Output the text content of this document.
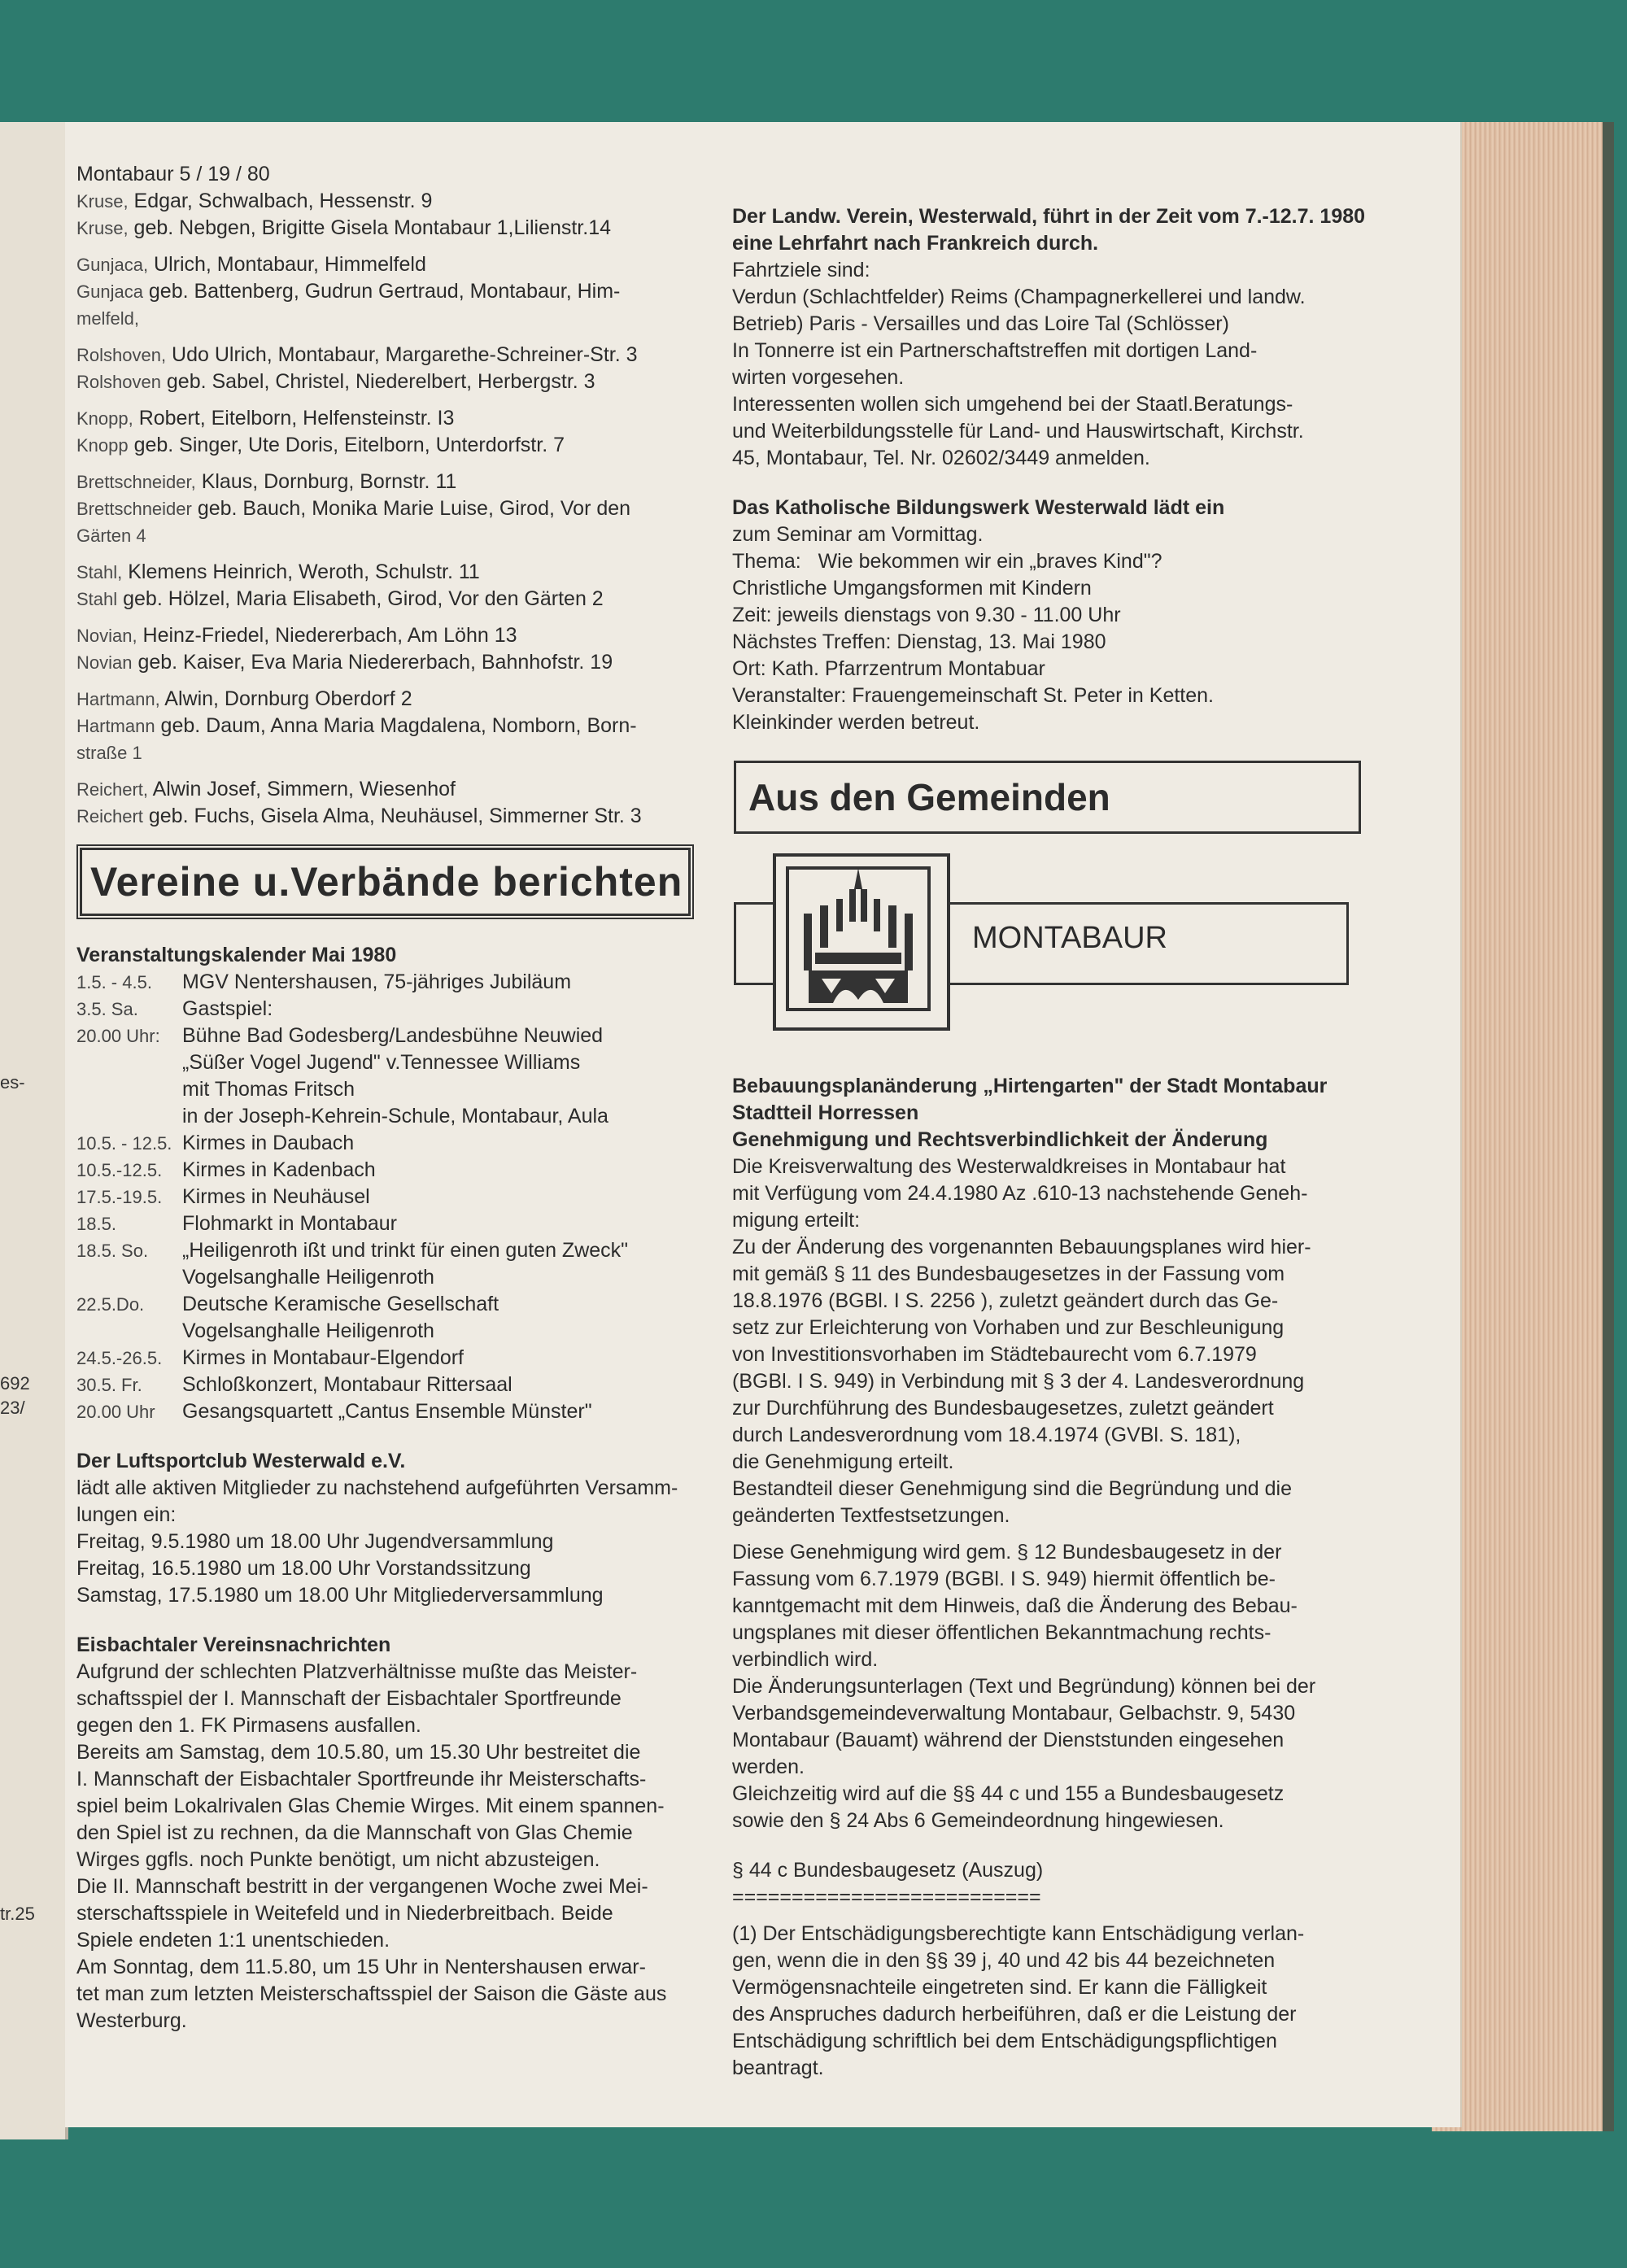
es-
692
23/
tr.25
Montabaur 5 / 19 / 80
Kruse, Edgar, Schwalbach, Hessenstr. 9
Kruse, geb. Nebgen, Brigitte Gisela Montabaur 1,Lilienstr.14
Gunjaca, Ulrich, Montabaur, Himmelfeld
Gunjaca geb. Battenberg, Gudrun Gertraud, Montabaur, Him-
melfeld,
Rolshoven, Udo Ulrich, Montabaur, Margarethe-Schreiner-Str. 3
Rolshoven geb. Sabel, Christel, Niederelbert, Herbergstr. 3
Knopp, Robert, Eitelborn, Helfensteinstr. I3
Knopp geb. Singer, Ute Doris, Eitelborn, Unterdorfstr. 7
Brettschneider, Klaus, Dornburg, Bornstr. 11
Brettschneider geb. Bauch, Monika Marie Luise, Girod, Vor den
Gärten 4
Stahl, Klemens Heinrich, Weroth, Schulstr. 11
Stahl geb. Hölzel, Maria Elisabeth, Girod, Vor den Gärten 2
Novian, Heinz-Friedel, Niedererbach, Am Löhn 13
Novian geb. Kaiser, Eva Maria Niedererbach, Bahnhofstr. 19
Hartmann, Alwin, Dornburg Oberdorf 2
Hartmann geb. Daum, Anna Maria Magdalena, Nomborn, Born-
straße 1
Reichert, Alwin Josef, Simmern, Wiesenhof
Reichert geb. Fuchs, Gisela Alma, Neuhäusel, Simmerner Str. 3
Vereine u.Verbände berichten
Veranstaltungskalender Mai 1980
1.5. - 4.5.	MGV Nentershausen, 75-jähriges Jubiläum
3.5. Sa.	Gastspiel:
20.00 Uhr:	Bühne Bad Godesberg/Landesbühne Neuwied
„Süßer Vogel Jugend" v.Tennessee Williams
mit Thomas Fritsch
in der Joseph-Kehrein-Schule, Montabaur, Aula
10.5. - 12.5. Kirmes in Daubach
10.5.-12.5. Kirmes in Kadenbach
17.5.-19.5. Kirmes in Neuhäusel
18.5.	Flohmarkt in Montabaur
18.5. So.	„Heiligenroth ißt und trinkt für einen guten Zweck"
Vogelsanghalle Heiligenroth
22.5.Do.	Deutsche Keramische Gesellschaft
Vogelsanghalle Heiligenroth
24.5.-26.5. Kirmes in Montabaur-Elgendorf
30.5. Fr.	Schloßkonzert, Montabaur Rittersaal
20.00 Uhr	Gesangsquartett „Cantus Ensemble Münster"
Der Luftsportclub Westerwald e.V.
lädt alle aktiven Mitglieder zu nachstehend aufgeführten Versamm-
lungen ein:
Freitag, 9.5.1980 um 18.00 Uhr Jugendversammlung
Freitag, 16.5.1980 um 18.00 Uhr Vorstandssitzung
Samstag, 17.5.1980 um 18.00 Uhr Mitgliederversammlung
Eisbachtaler Vereinsnachrichten
Aufgrund der schlechten Platzverhältnisse mußte das Meister-
schaftsspiel der I. Mannschaft der Eisbachtaler Sportfreunde
gegen den 1. FK Pirmasens ausfallen.
Bereits am Samstag, dem 10.5.80, um 15.30 Uhr bestreitet die
I. Mannschaft der Eisbachtaler Sportfreunde ihr Meisterschafts-
spiel beim Lokalrivalen Glas Chemie Wirges. Mit einem spannen-
den Spiel ist zu rechnen, da die Mannschaft von Glas Chemie
Wirges ggfls. noch Punkte benötigt, um nicht abzusteigen.
Die II. Mannschaft bestritt in der vergangenen Woche zwei Mei-
sterschaftsspiele in Weitefeld und in Niederbreitbach. Beide
Spiele endeten 1:1 unentschieden.
Am Sonntag, dem 11.5.80, um 15 Uhr in Nentershausen erwar-
tet man zum letzten Meisterschaftsspiel der Saison die Gäste aus
Westerburg.
Der Landw. Verein, Westerwald, führt in der Zeit vom 7.-12.7. 1980 eine Lehrfahrt nach Frankreich durch.
Fahrtziele sind:
Verdun (Schlachtfelder) Reims (Champagnerkellerei und landw.
Betrieb) Paris - Versailles und das Loire Tal (Schlösser)
In Tonnerre ist ein Partnerschaftstreffen mit dortigen Land-
wirten vorgesehen.
Interessenten wollen sich umgehend bei der Staatl.Beratungs-
und Weiterbildungsstelle für Land- und Hauswirtschaft, Kirchstr.
45, Montabaur, Tel. Nr. 02602/3449 anmelden.
Das Katholische Bildungswerk Westerwald lädt ein
zum Seminar am Vormittag.
Thema:   Wie bekommen wir ein „braves Kind"?
Christliche Umgangsformen mit Kindern
Zeit: jeweils dienstags von 9.30 - 11.00 Uhr
Nächstes Treffen: Dienstag, 13. Mai 1980
Ort: Kath. Pfarrzentrum Montabuar
Veranstalter: Frauengemeinschaft St. Peter in Ketten.
Kleinkinder werden betreut.
Aus den Gemeinden
MONTABAUR
Bebauungsplanänderung „Hirtengarten" der Stadt Montabaur
Stadtteil Horressen
Genehmigung und Rechtsverbindlichkeit der Änderung
Die Kreisverwaltung des Westerwaldkreises in Montabaur hat
mit Verfügung vom 24.4.1980 Az .610-13 nachstehende Geneh-
migung erteilt:
Zu der Änderung des vorgenannten Bebauungsplanes wird hier-
mit gemäß § 11 des Bundesbaugesetzes in der Fassung vom
18.8.1976 (BGBl. I S. 2256 ), zuletzt geändert durch das Ge-
setz zur Erleichterung von Vorhaben und zur Beschleunigung
von Investitionsvorhaben im Städtebaurecht vom 6.7.1979
(BGBl. I S. 949) in Verbindung mit § 3 der 4. Landesverordnung
zur Durchführung des Bundesbaugesetzes, zuletzt geändert
durch Landesverordnung vom 18.4.1974 (GVBl. S. 181),
die Genehmigung erteilt.
Bestandteil dieser Genehmigung sind die Begründung und die
geänderten Textfestsetzungen.
Diese Genehmigung wird gem. § 12 Bundesbaugesetz in der
Fassung vom 6.7.1979 (BGBl. I S. 949) hiermit öffentlich be-
kanntgemacht mit dem Hinweis, daß die Änderung des Bebau-
ungsplanes mit dieser öffentlichen Bekanntmachung rechts-
verbindlich wird.
Die Änderungsunterlagen (Text und Begründung) können bei der
Verbandsgemeindeverwaltung Montabaur, Gelbachstr. 9, 5430
Montabaur (Bauamt) während der Dienststunden eingesehen
werden.
Gleichzeitig wird auf die §§ 44 c und 155 a Bundesbaugesetz
sowie den § 24 Abs 6 Gemeindeordnung hingewiesen.
§ 44 c Bundesbaugesetz (Auszug)
==========================
(1) Der Entschädigungsberechtigte kann Entschädigung verlan-
gen, wenn die in den §§ 39 j, 40 und 42 bis 44 bezeichneten
Vermögensnachteile eingetreten sind. Er kann die Fälligkeit
des Anspruches dadurch herbeiführen, daß er die Leistung der
Entschädigung schriftlich bei dem Entschädigungspflichtigen
beantragt.
